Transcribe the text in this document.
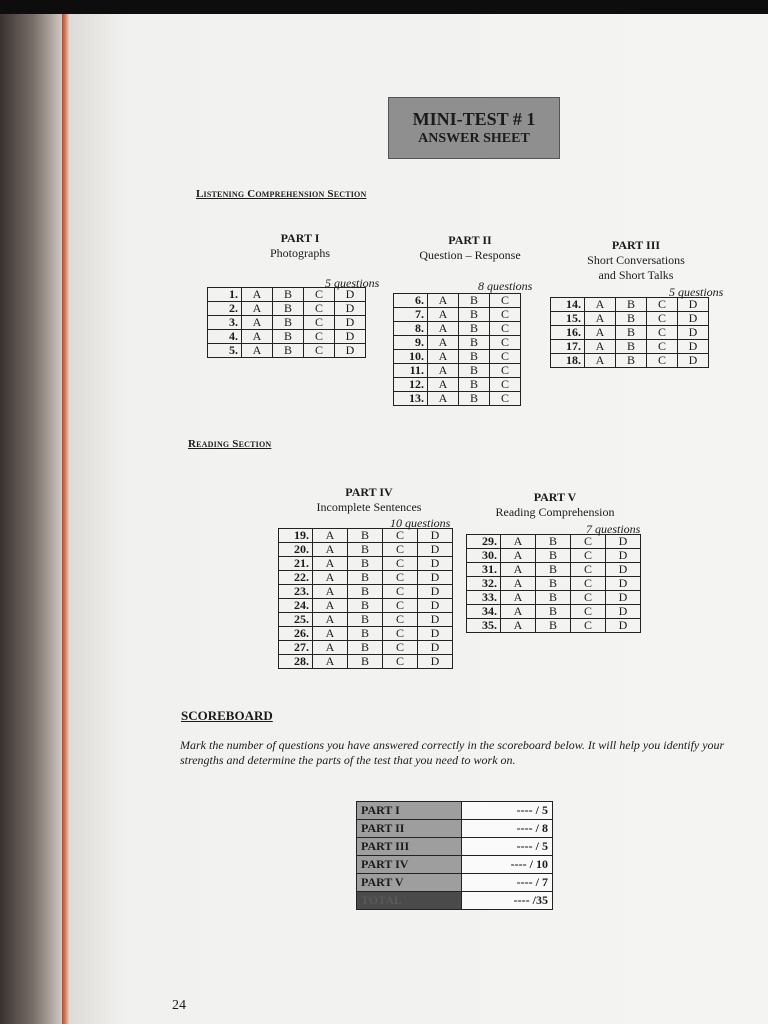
MINI-TEST # 1
ANSWER SHEET
Listening Comprehension Section
PART I
Photographs
5 questions
1.	A	B	C	D
2.	A	B	C	D
3.	A	B	C	D
4.	A	B	C	D
5.	A	B	C	D
PART II
Question – Response
8 questions
6.	A	B	C
7.	A	B	C
8.	A	B	C
9.	A	B	C
10.	A	B	C
11.	A	B	C
12.	A	B	C
13.	A	B	C
PART III
Short Conversations
and Short Talks
5 questions
14.	A	B	C	D
15.	A	B	C	D
16.	A	B	C	D
17.	A	B	C	D
18.	A	B	C	D
Reading Section
PART IV
Incomplete Sentences
10 questions
19.	A	B	C	D
20.	A	B	C	D
21.	A	B	C	D
22.	A	B	C	D
23.	A	B	C	D
24.	A	B	C	D
25.	A	B	C	D
26.	A	B	C	D
27.	A	B	C	D
28.	A	B	C	D
PART V
Reading Comprehension
7 questions
29.	A	B	C	D
30.	A	B	C	D
31.	A	B	C	D
32.	A	B	C	D
33.	A	B	C	D
34.	A	B	C	D
35.	A	B	C	D
SCOREBOARD
Mark the number of questions you have answered correctly in the scoreboard below. It will help you identify your strengths and determine the parts of the test that you need to work on.
PART I	---- / 5
PART II	---- / 8
PART III	---- / 5
PART IV	---- / 10
PART V	---- / 7
TOTAL	---- /35
24
